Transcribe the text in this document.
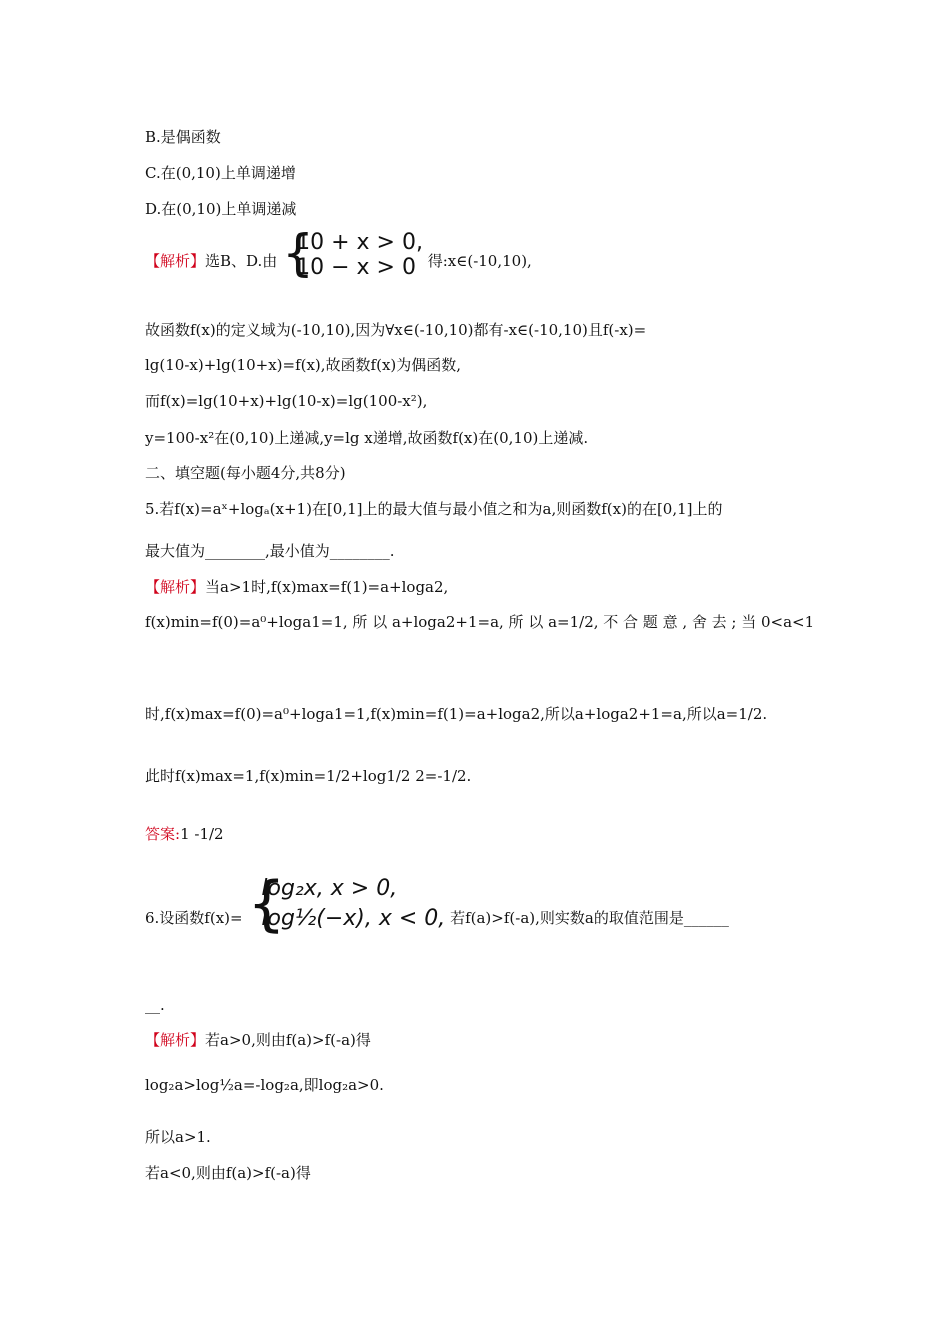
B.是偶函数
C.在(0,10)上单调递增
D.在(0,10)上单调递减
【解析】选B、D.由 {
10 + x > 0,
10 − x > 0 得:x∈(-10,10),
故函数f(x)的定义域为(-10,10),因为∀x∈(-10,10)都有-x∈(-10,10)且f(-x)=
lg(10-x)+lg(10+x)=f(x),故函数f(x)为偶函数,
而f(x)=lg(10+x)+lg(10-x)=lg(100-x²),
y=100-x²在(0,10)上递减,y=lg x递增,故函数f(x)在(0,10)上递减.
二、填空题(每小题4分,共8分)
5.若f(x)=aˣ+logₐ(x+1)在[0,1]上的最大值与最小值之和为a,则函数f(x)的在[0,1]上的
最大值为________,最小值为________.
【解析】当a>1时,f(x)max=f(1)=a+loga2,
f(x)min=f(0)=a⁰+loga1=1, 所 以 a+loga2+1=a, 所 以 a=1/2, 不 合 题 意 , 舍 去 ; 当 0<a<1
时,f(x)max=f(0)=a⁰+loga1=1,f(x)min=f(1)=a+loga2,所以a+loga2+1=a,所以a=1/2.
此时f(x)max=1,f(x)min=1/2+log1/2 2=-1/2.
答案:1 -1/2
6.设函数f(x)= {
log₂x, x > 0,
log½(−x), x < 0, 若f(a)>f(-a),则实数a的取值范围是______
__.
【解析】若a>0,则由f(a)>f(-a)得
log₂a>log½a=-log₂a,即log₂a>0.
所以a>1.
若a<0,则由f(a)>f(-a)得
